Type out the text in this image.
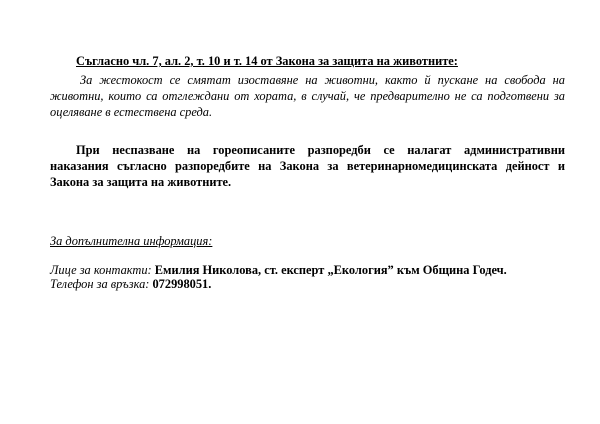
Съгласно чл. 7, ал. 2, т. 10 и т. 14 от Закона за защита на животните:
За жестокост се смятат изоставяне на животни, както й пускане на свобода на
животни, които са отглеждани от хората, в случай, че предварително не са подготвени за
оцеляване в естествена среда.
При неспазване на гореописаните разпоредби се налагат административни
наказания съгласно разпоредбите на Закона за ветеринарномедицинската дейност и
Закона за защита на животните.
За допълнителна информация:
Лице за контакти: Емилия Николова, ст. експерт „Екология” към Община Годеч.
Телефон за връзка: 072998051.
